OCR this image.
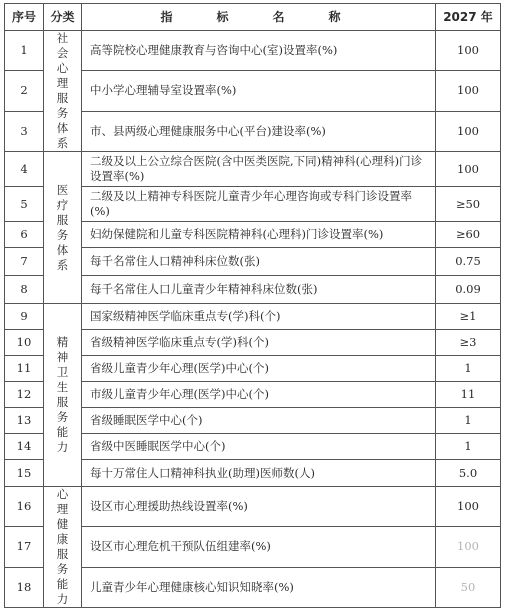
序号	分类	指　标　名　称	2027 年
1	社会心理服务体系	高等院校心理健康教育与咨询中心(室)设置率(%)	100
2		中小学心理辅导室设置率(%)	100
3		市、县两级心理健康服务中心(平台)建设率(%)	100
4	医疗服务体系	二级及以上公立综合医院(含中医类医院,下同)精神科(心理科)门诊设置率(%)	100
5		二级及以上精神专科医院儿童青少年心理咨询或专科门诊设置率(%)	≥50
6		妇幼保健院和儿童专科医院精神科(心理科)门诊设置率(%)	≥60
7		每千名常住人口精神科床位数(张)	0.75
8		每千名常住人口儿童青少年精神科床位数(张)	0.09
9	精神卫生服务能力	国家级精神医学临床重点专(学)科(个)	≥1
10		省级精神医学临床重点专(学)科(个)	≥3
11		省级儿童青少年心理(医学)中心(个)	1
12		市级儿童青少年心理(医学)中心(个)	11
13		省级睡眠医学中心(个)	1
14		省级中医睡眠医学中心(个)	1
15		每十万常住人口精神科执业(助理)医师数(人)	5.0
16	心理健康服务能力	设区市心理援助热线设置率(%)	100
17		设区市心理危机干预队伍组建率(%)	100
18		儿童青少年心理健康核心知识知晓率(%)	50
